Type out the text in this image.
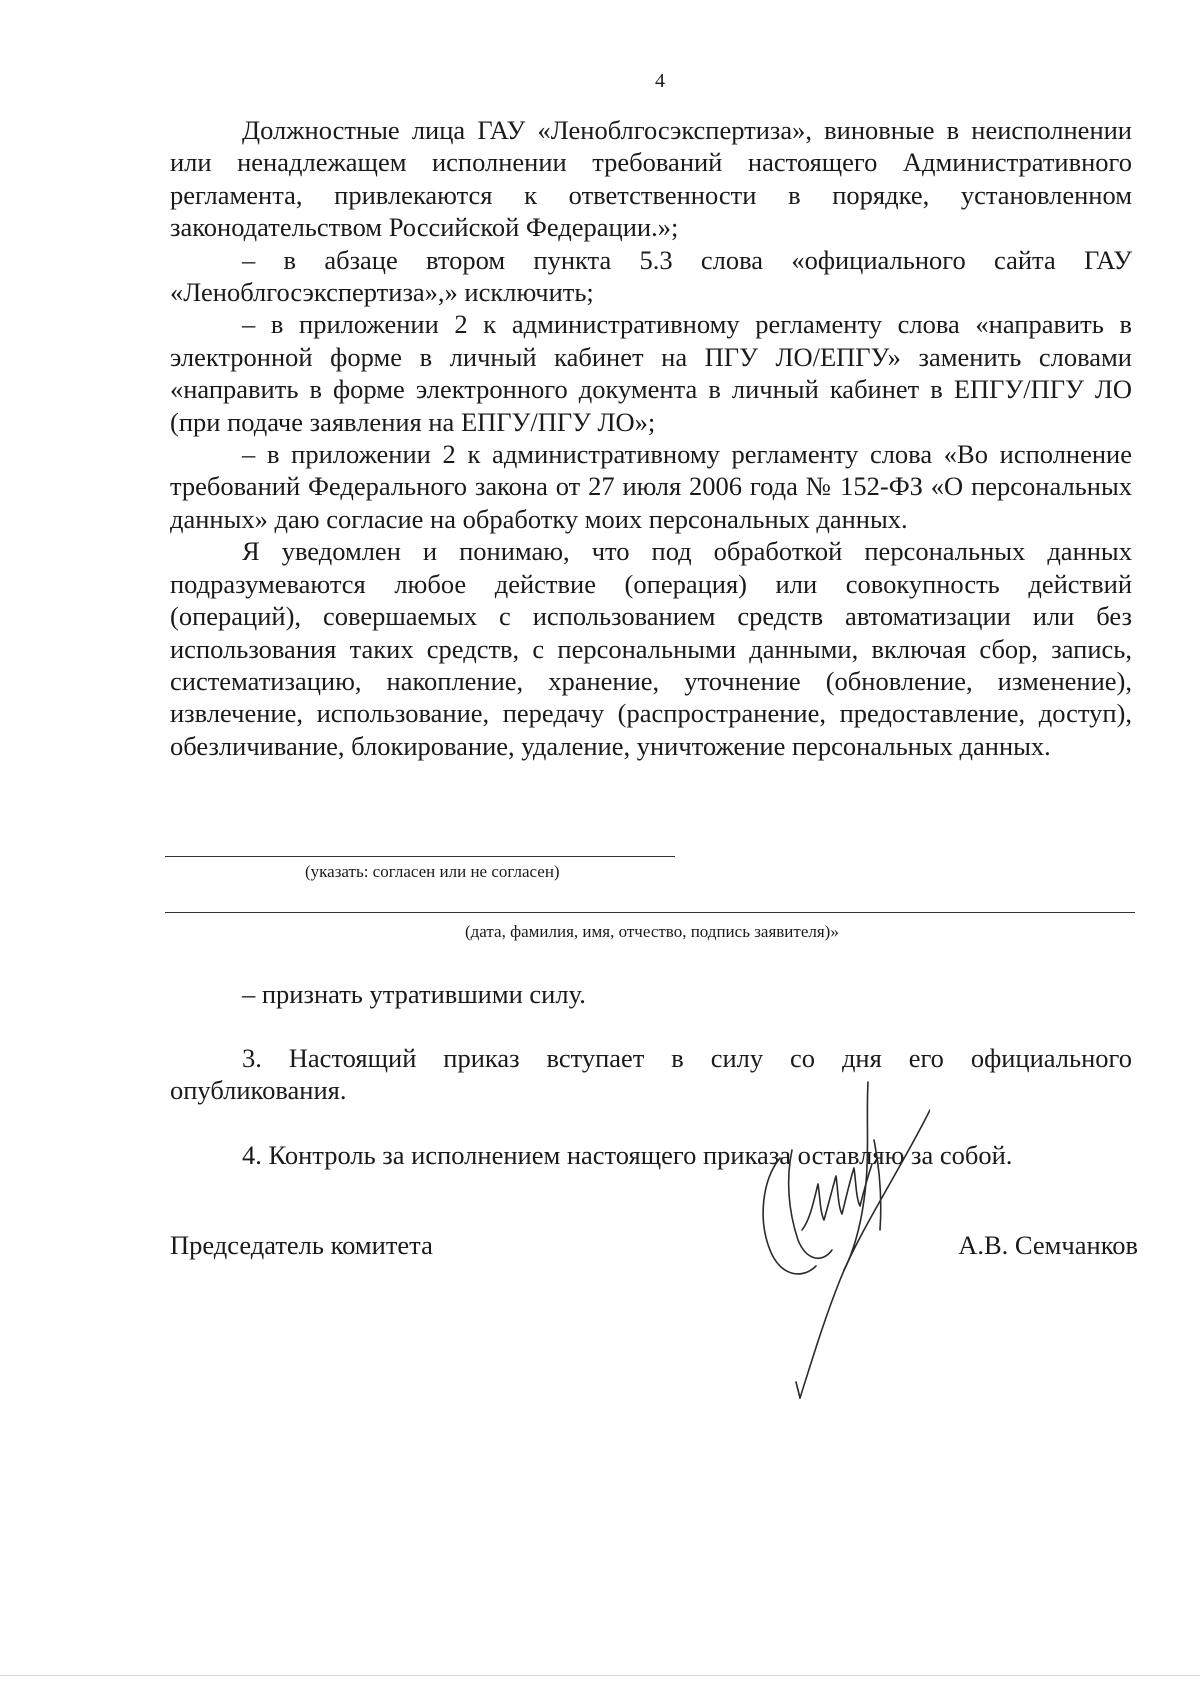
4

Должностные лица ГАУ «Леноблгосэкспертиза», виновные в неисполнении или ненадлежащем исполнении требований настоящего Административного регламента, привлекаются к ответственности в порядке, установленном законодательством Российской Федерации.»;

– в абзаце втором пункта 5.3 слова «официального сайта ГАУ «Леноблгосэкспертиза»,» исключить;

– в приложении 2 к административному регламенту слова «направить в электронной форме в личный кабинет на ПГУ ЛО/ЕПГУ» заменить словами «направить в форме электронного документа в личный кабинет в ЕПГУ/ПГУ ЛО (при подаче заявления на ЕПГУ/ПГУ ЛО»;

– в приложении 2 к административному регламенту слова «Во исполнение требований Федерального закона от 27 июля 2006 года № 152-ФЗ «О персональных данных» даю согласие на обработку моих персональных данных.

Я уведомлен и понимаю, что под обработкой персональных данных подразумеваются любое действие (операция) или совокупность действий (операций), совершаемых с использованием средств автоматизации или без использования таких средств, с персональными данными, включая сбор, запись, систематизацию, накопление, хранение, уточнение (обновление, изменение), извлечение, использование, передачу (распространение, предоставление, доступ), обезличивание, блокирование, удаление, уничтожение персональных данных.

(указать: согласен или не согласен)
(дата, фамилия, имя, отчество, подпись заявителя)»

– признать утратившими силу.

3. Настоящий приказ вступает в силу со дня его официального опубликования.

4. Контроль за исполнением настоящего приказа оставляю за собой.

Председатель комитета	А.В. Семчанков
